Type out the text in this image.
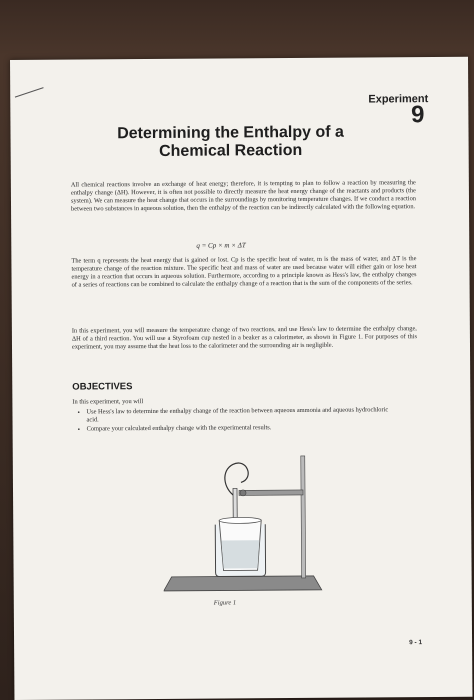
Experiment
9
Determining the Enthalpy of a Chemical Reaction

All chemical reactions involve an exchange of heat energy; therefore, it is tempting to plan to follow a reaction by measuring the enthalpy change (ΔH). However, it is often not possible to directly measure the heat energy change of the reactants and products (the system). We can measure the heat change that occurs in the surroundings by monitoring temperature changes. If we conduct a reaction between two substances in aqueous solution, then the enthalpy of the reaction can be indirectly calculated with the following equation.

q = Cp × m × ΔT

The term q represents the heat energy that is gained or lost. Cp is the specific heat of water, m is the mass of water, and ΔT is the temperature change of the reaction mixture. The specific heat and mass of water are used because water will either gain or lose heat energy in a reaction that occurs in aqueous solution. Furthermore, according to a principle known as Hess's law, the enthalpy changes of a series of reactions can be combined to calculate the enthalpy change of a reaction that is the sum of the components of the series.

In this experiment, you will measure the temperature change of two reactions, and use Hess's law to determine the enthalpy change, ΔH of a third reaction. You will use a Styrofoam cup nested in a beaker as a calorimeter, as shown in Figure 1. For purposes of this experiment, you may assume that the heat loss to the calorimeter and the surrounding air is negligible.

OBJECTIVES
In this experiment, you will
• Use Hess's law to determine the enthalpy change of the reaction between aqueous ammonia and aqueous hydrochloric acid.
• Compare your calculated enthalpy change with the experimental results.
Figure 1
9 - 1
